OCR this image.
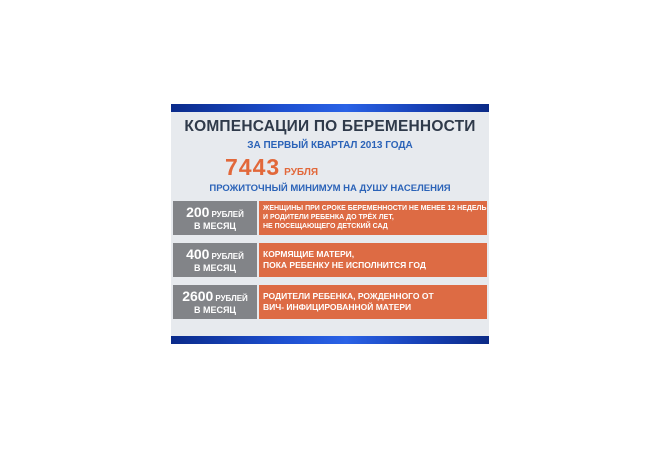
КОМПЕНСАЦИИ ПО БЕРЕМЕННОСТИ
ЗА ПЕРВЫЙ КВАРТАЛ 2013 ГОДА
7443 РУБЛЯ
ПРОЖИТОЧНЫЙ МИНИМУМ НА ДУШУ НАСЕЛЕНИЯ
200 РУБЛЕЙ
В МЕСЯЦ
ЖЕНЩИНЫ ПРИ СРОКЕ БЕРЕМЕННОСТИ НЕ МЕНЕЕ 12 НЕДЕЛЬ
И РОДИТЕЛИ РЕБЕНКА ДО ТРЁХ ЛЕТ,
НЕ ПОСЕЩАЮЩЕГО ДЕТСКИЙ САД
400 РУБЛЕЙ
В МЕСЯЦ
КОРМЯЩИЕ МАТЕРИ,
ПОКА РЕБЕНКУ НЕ ИСПОЛНИТСЯ ГОД
2600 РУБЛЕЙ
В МЕСЯЦ
РОДИТЕЛИ РЕБЕНКА, РОЖДЕННОГО ОТ
ВИЧ- ИНФИЦИРОВАННОЙ МАТЕРИ
